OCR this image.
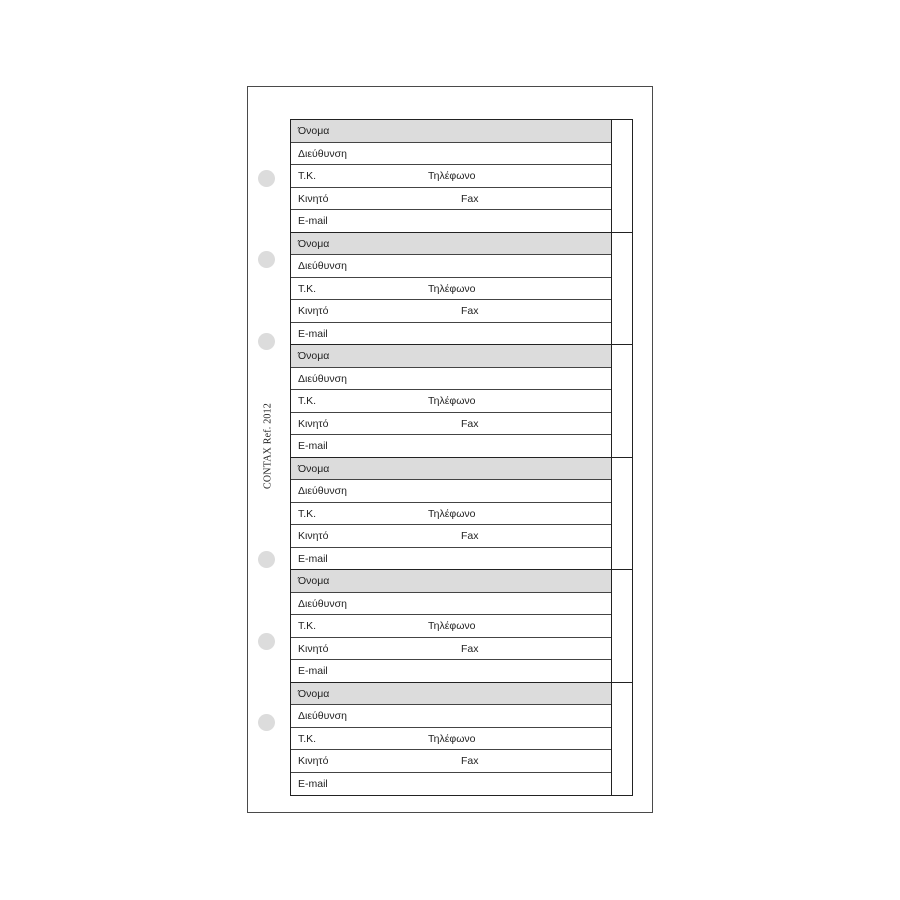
CONTAX Ref. 2012
Όνομα
Διεύθυνση
Τ.Κ.	Τηλέφωνο
Κινητό	Fax
E-mail
Όνομα
Διεύθυνση
Τ.Κ.	Τηλέφωνο
Κινητό	Fax
E-mail
Όνομα
Διεύθυνση
Τ.Κ.	Τηλέφωνο
Κινητό	Fax
E-mail
Όνομα
Διεύθυνση
Τ.Κ.	Τηλέφωνο
Κινητό	Fax
E-mail
Όνομα
Διεύθυνση
Τ.Κ.	Τηλέφωνο
Κινητό	Fax
E-mail
Όνομα
Διεύθυνση
Τ.Κ.	Τηλέφωνο
Κινητό	Fax
E-mail
